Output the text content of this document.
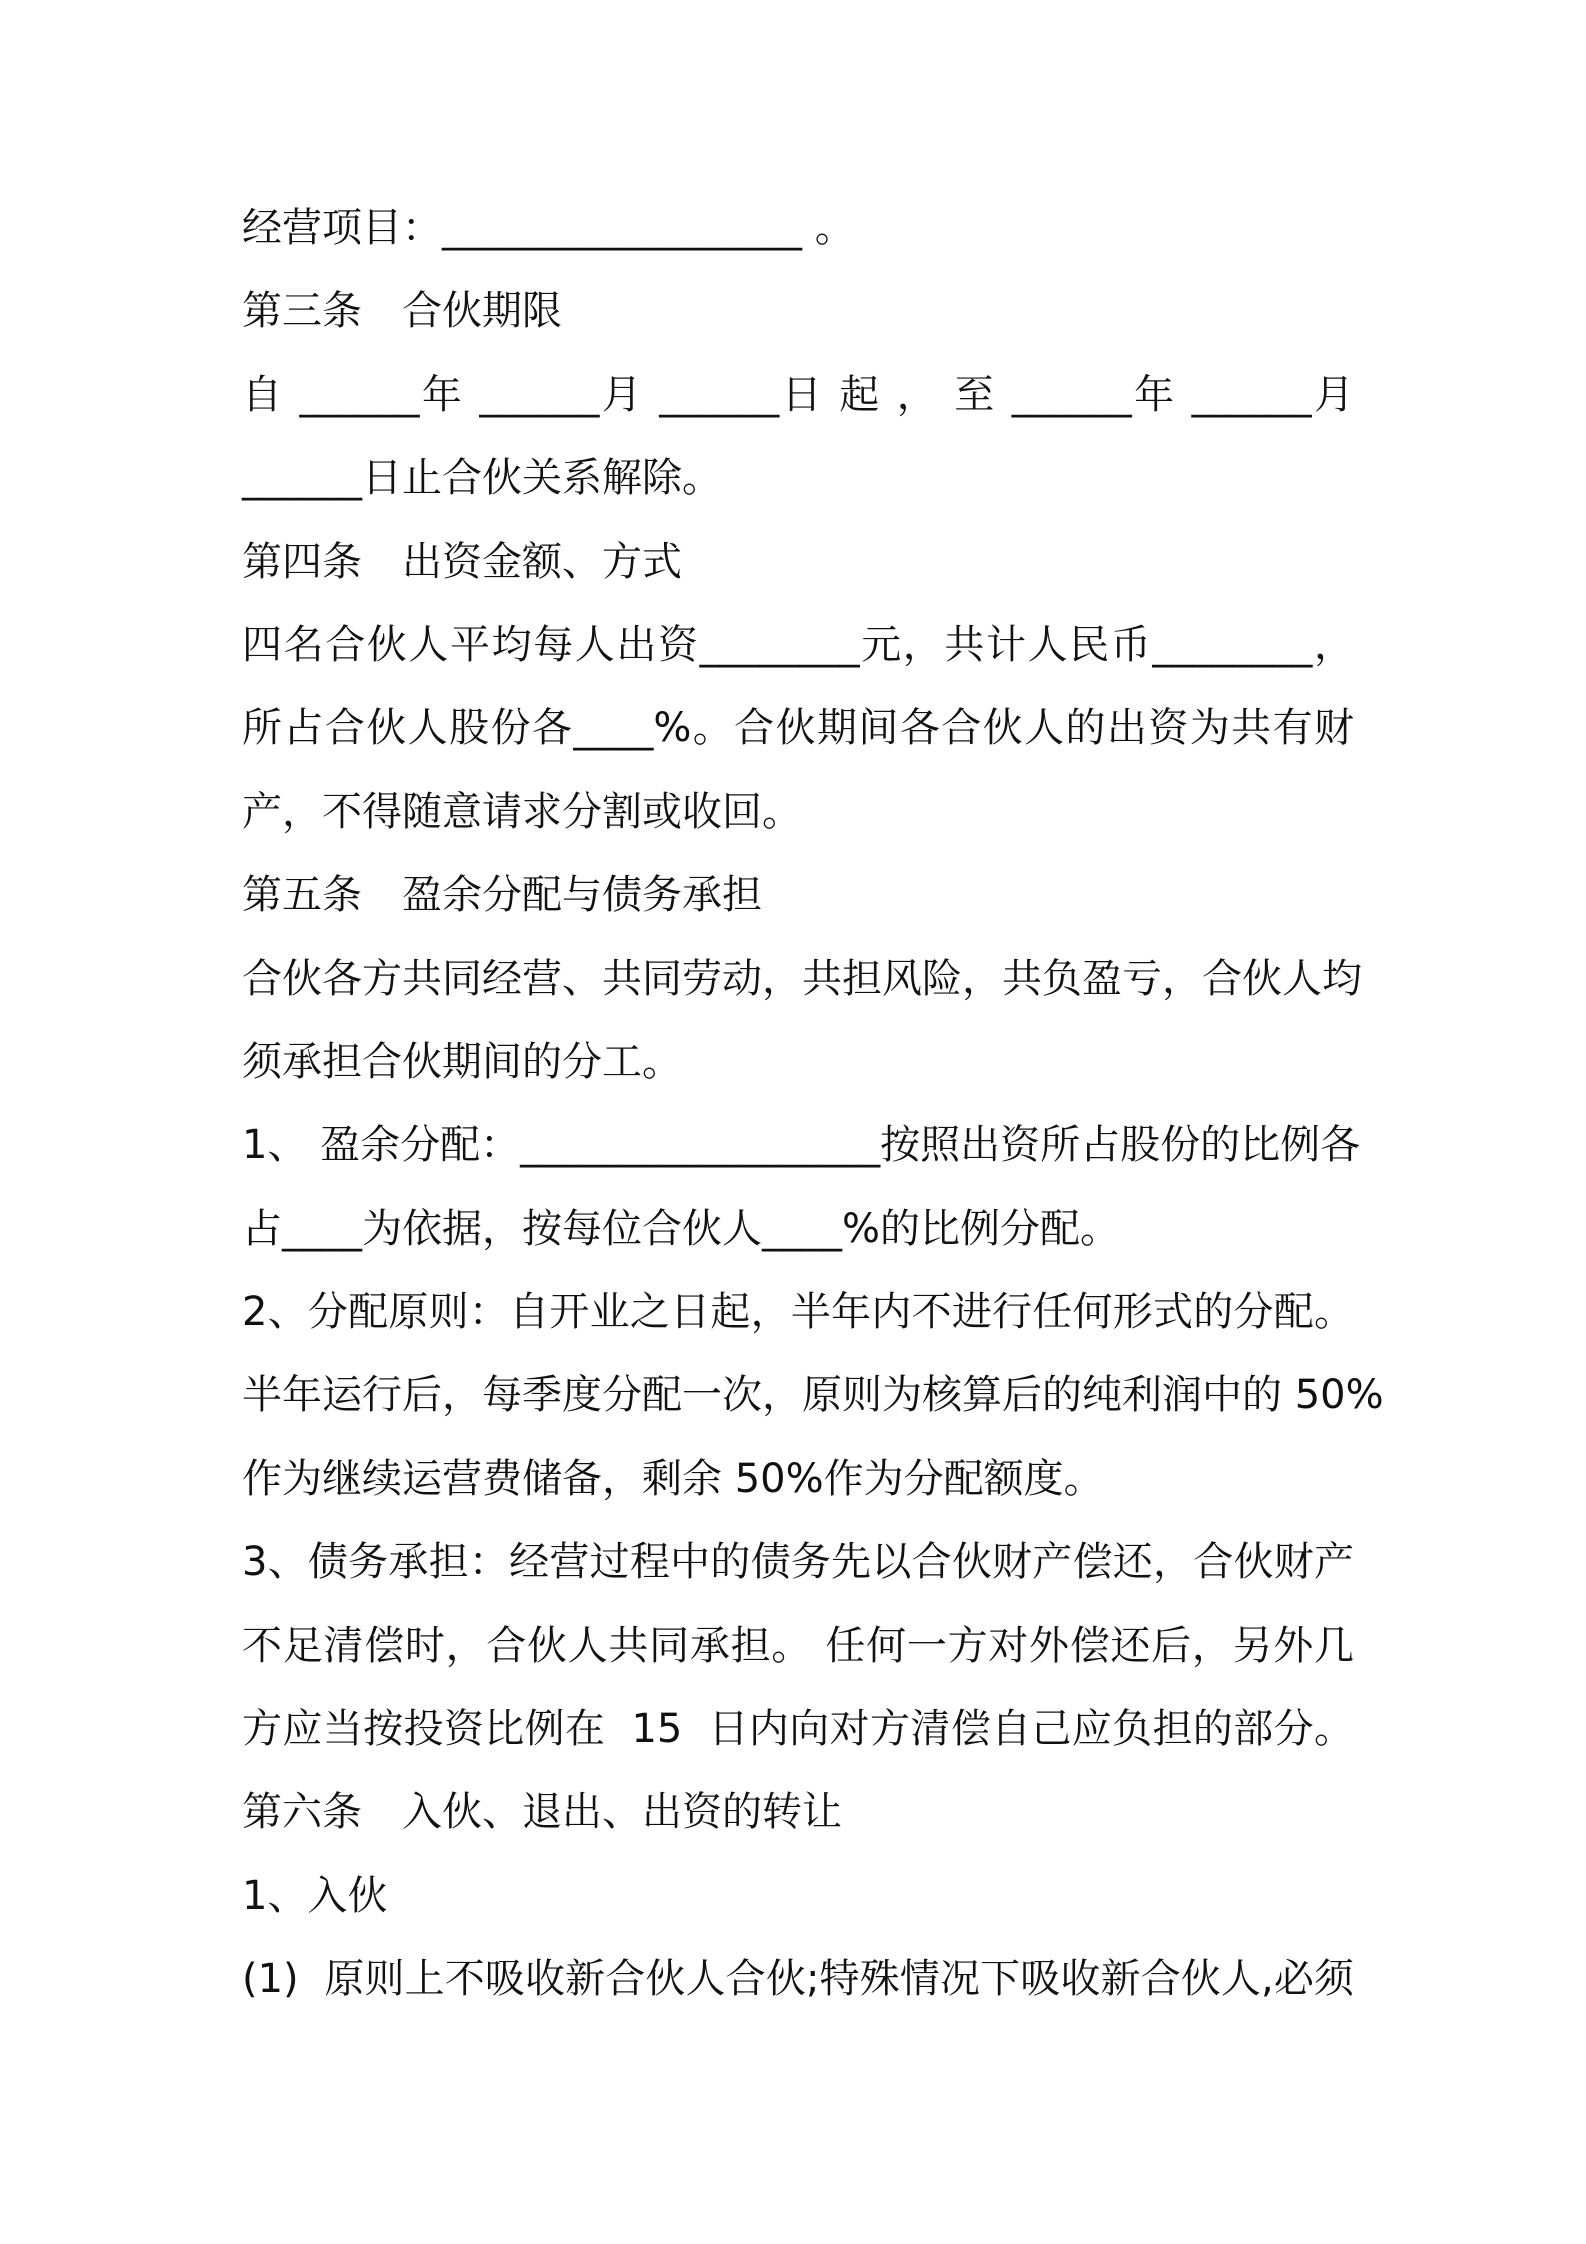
经营项目：__________________ 。
第三条　合伙期限
自 ______年 ______月 ______日 起 ， 至 ______年 ______月
______日止合伙关系解除。
第四条　出资金额、方式
四名合伙人平均每人出资________元，共计人民币________，
所占合伙人股份各____%。合伙期间各合伙人的出资为共有财
产，不得随意请求分割或收回。
第五条　盈余分配与债务承担
合伙各方共同经营、共同劳动，共担风险，共负盈亏，合伙人均
须承担合伙期间的分工。
1、 盈余分配：__________________按照出资所占股份的比例各
占____为依据，按每位合伙人____%的比例分配。
2、分配原则：自开业之日起，半年内不进行任何形式的分配。
半年运行后，每季度分配一次，原则为核算后的纯利润中的 50%
作为继续运营费储备，剩余 50%作为分配额度。
3、债务承担：经营过程中的债务先以合伙财产偿还，合伙财产
不足清偿时，合伙人共同承担。 任何一方对外偿还后，另外几
方应当按投资比例在  15  日内向对方清偿自己应负担的部分。
第六条　入伙、退出、出资的转让
1、入伙
(1)  原则上不吸收新合伙人合伙;特殊情况下吸收新合伙人,必须
